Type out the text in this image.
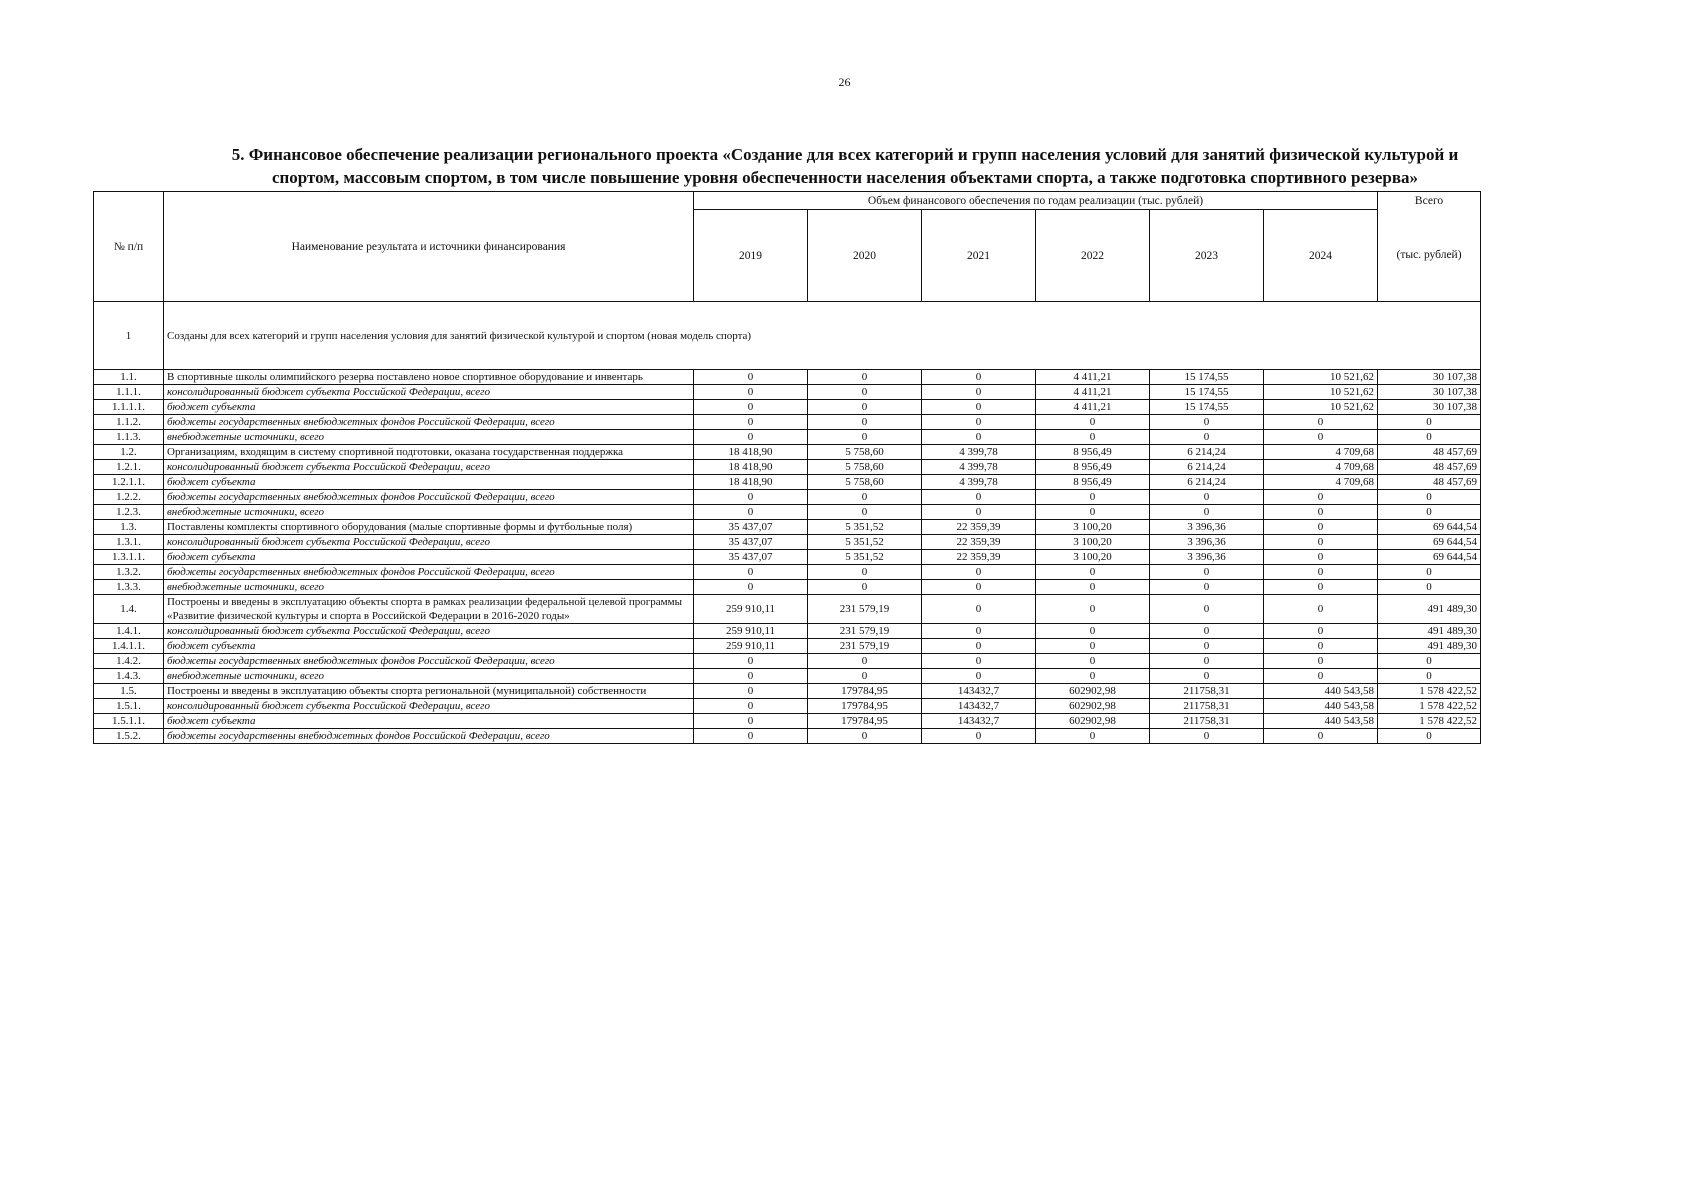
26
5. Финансовое обеспечение реализации регионального проекта «Создание для всех категорий и групп населения условий для занятий физической культурой и
спортом, массовым спортом, в том числе повышение уровня обеспеченности населения объектами спорта, а также подготовка спортивного резерва»
№ п/п	Наименование результата и источники финансирования	Объем финансового обеспечения по годам реализации (тыс. рублей)						Всего
		2019	2020	2021	2022	2023	2024	(тыс. рублей)
1	Созданы для всех категорий и групп населения условия для занятий физической культурой и спортом (новая модель спорта)							
1.1.	В спортивные школы олимпийского резерва поставлено новое спортивное оборудование и инвентарь	0	0	0	4 411,21	15 174,55	10 521,62	30 107,38
1.1.1.	консолидированный бюджет субъекта Российской Федерации, всего	0	0	0	4 411,21	15 174,55	10 521,62	30 107,38
1.1.1.1.	бюджет субъекта	0	0	0	4 411,21	15 174,55	10 521,62	30 107,38
1.1.2.	бюджеты государственных внебюджетных фондов Российской Федерации, всего	0	0	0	0	0	0	0
1.1.3.	внебюджетные источники, всего	0	0	0	0	0	0	0
1.2.	Организациям, входящим в систему спортивной подготовки, оказана государственная поддержка	18 418,90	5 758,60	4 399,78	8 956,49	6 214,24	4 709,68	48 457,69
1.2.1.	консолидированный бюджет субъекта Российской Федерации, всего	18 418,90	5 758,60	4 399,78	8 956,49	6 214,24	4 709,68	48 457,69
1.2.1.1.	бюджет субъекта	18 418,90	5 758,60	4 399,78	8 956,49	6 214,24	4 709,68	48 457,69
1.2.2.	бюджеты государственных внебюджетных фондов Российской Федерации, всего	0	0	0	0	0	0	0
1.2.3.	внебюджетные источники, всего	0	0	0	0	0	0	0
1.3.	Поставлены комплекты спортивного оборудования (малые спортивные формы и футбольные поля)	35 437,07	5 351,52	22 359,39	3 100,20	3 396,36	0	69 644,54
1.3.1.	консолидированный бюджет субъекта Российской Федерации, всего	35 437,07	5 351,52	22 359,39	3 100,20	3 396,36	0	69 644,54
1.3.1.1.	бюджет субъекта	35 437,07	5 351,52	22 359,39	3 100,20	3 396,36	0	69 644,54
1.3.2.	бюджеты государственных внебюджетных фондов Российской Федерации, всего	0	0	0	0	0	0	0
1.3.3.	внебюджетные источники, всего	0	0	0	0	0	0	0
1.4.	Построены и введены в эксплуатацию объекты спорта в рамках реализации федеральной целевой программы «Развитие физической культуры и спорта в Российской Федерации в 2016-2020 годы»	259 910,11	231 579,19	0	0	0	0	491 489,30
1.4.1.	консолидированный бюджет субъекта Российской Федерации, всего	259 910,11	231 579,19	0	0	0	0	491 489,30
1.4.1.1.	бюджет субъекта	259 910,11	231 579,19	0	0	0	0	491 489,30
1.4.2.	бюджеты государственных внебюджетных фондов Российской Федерации, всего	0	0	0	0	0	0	0
1.4.3.	внебюджетные источники, всего	0	0	0	0	0	0	0
1.5.	Построены и введены в эксплуатацию объекты спорта региональной (муниципальной) собственности	0	179784,95	143432,7	602902,98	211758,31	440 543,58	1 578 422,52
1.5.1.	консолидированный бюджет субъекта Российской Федерации, всего	0	179784,95	143432,7	602902,98	211758,31	440 543,58	1 578 422,52
1.5.1.1.	бюджет субъекта	0	179784,95	143432,7	602902,98	211758,31	440 543,58	1 578 422,52
1.5.2.	бюджеты государственны внебюджетных фондов Российской Федерации, всего	0	0	0	0	0	0	0
